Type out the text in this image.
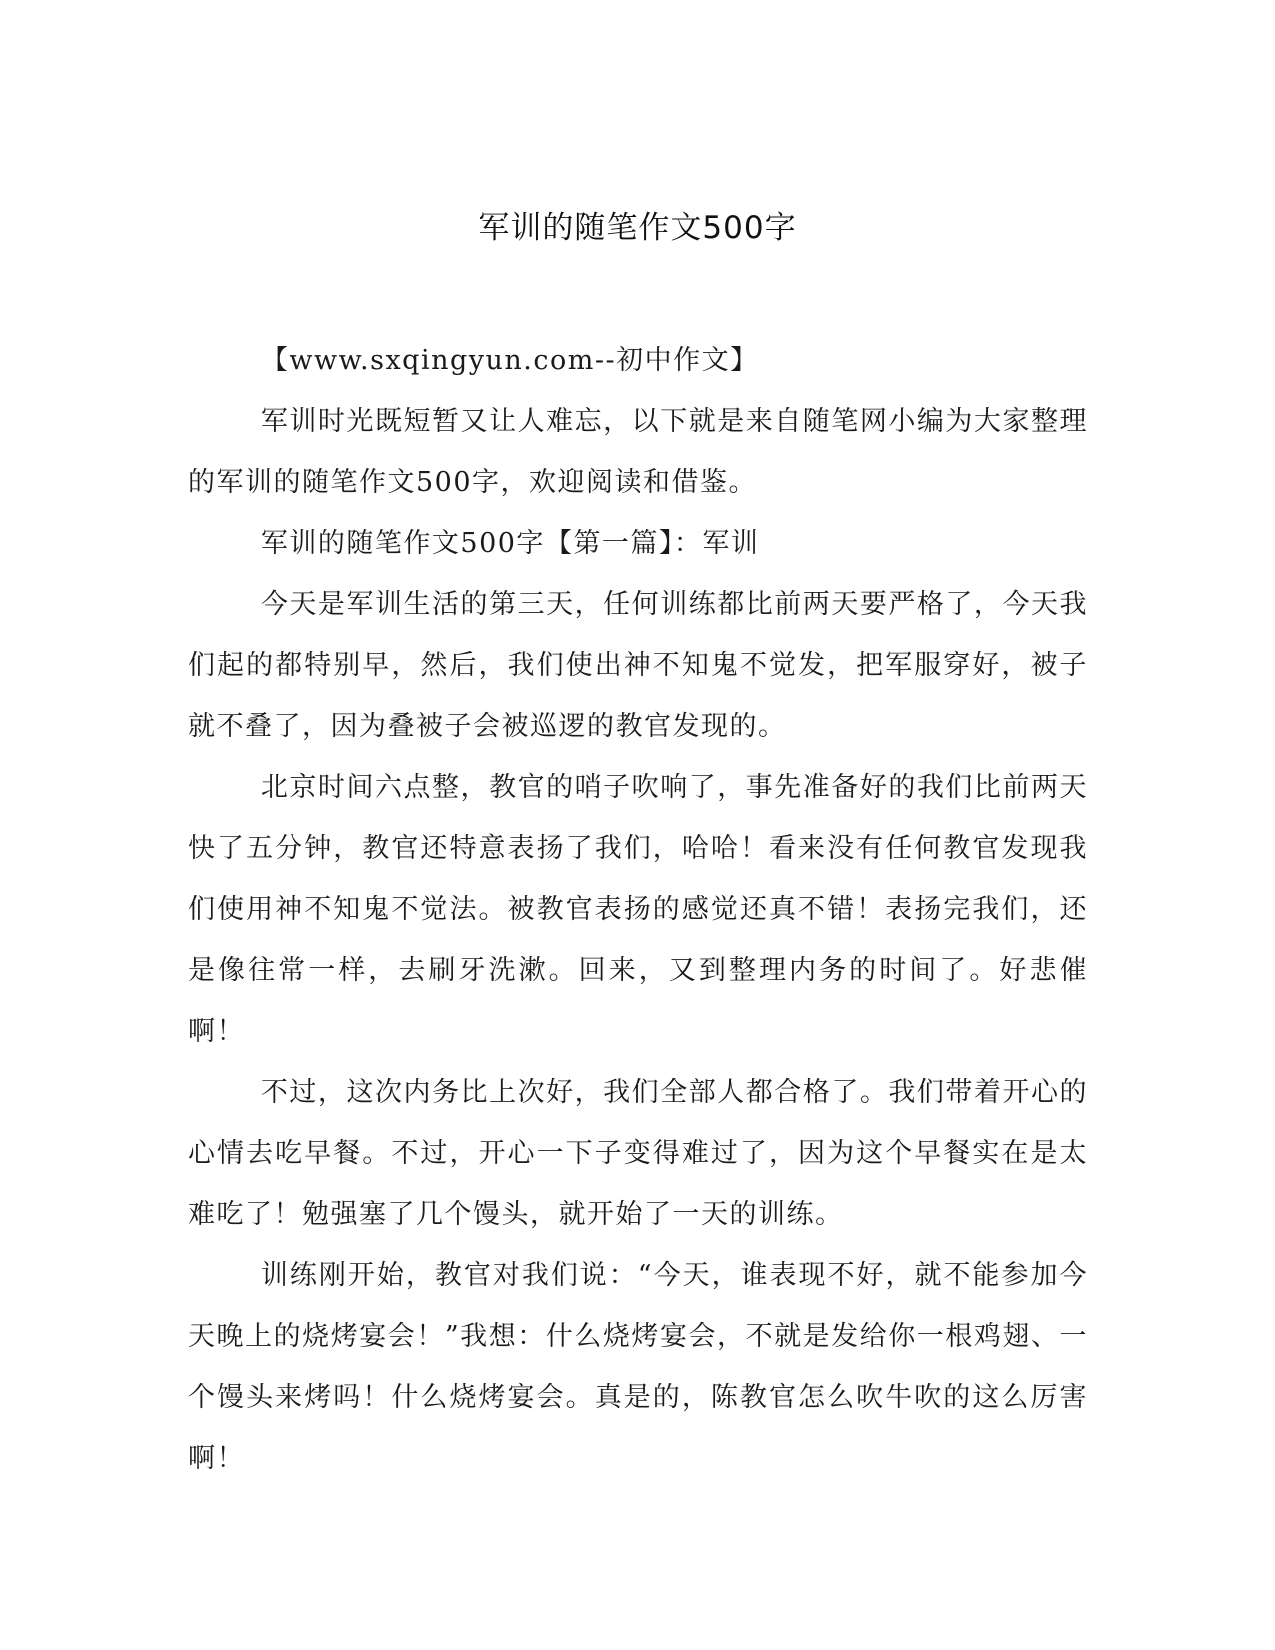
军训的随笔作文500字

【www.sxqingyun.com--初中作文】

军训时光既短暂又让人难忘，以下就是来自随笔网小编为大家整理的军训的随笔作文500字，欢迎阅读和借鉴。

军训的随笔作文500字【第一篇】：军训

今天是军训生活的第三天，任何训练都比前两天要严格了，今天我们起的都特别早，然后，我们使出神不知鬼不觉发，把军服穿好，被子就不叠了，因为叠被子会被巡逻的教官发现的。

北京时间六点整，教官的哨子吹响了，事先准备好的我们比前两天快了五分钟，教官还特意表扬了我们，哈哈！看来没有任何教官发现我们使用神不知鬼不觉法。被教官表扬的感觉还真不错！表扬完我们，还是像往常一样，去刷牙洗漱。回来，又到整理内务的时间了。好悲催啊！

不过，这次内务比上次好，我们全部人都合格了。我们带着开心的心情去吃早餐。不过，开心一下子变得难过了，因为这个早餐实在是太难吃了！勉强塞了几个馒头，就开始了一天的训练。

训练刚开始，教官对我们说：“今天，谁表现不好，就不能参加今天晚上的烧烤宴会！”我想：什么烧烤宴会，不就是发给你一根鸡翅、一个馒头来烤吗！什么烧烤宴会。真是的，陈教官怎么吹牛吹的这么厉害啊！
